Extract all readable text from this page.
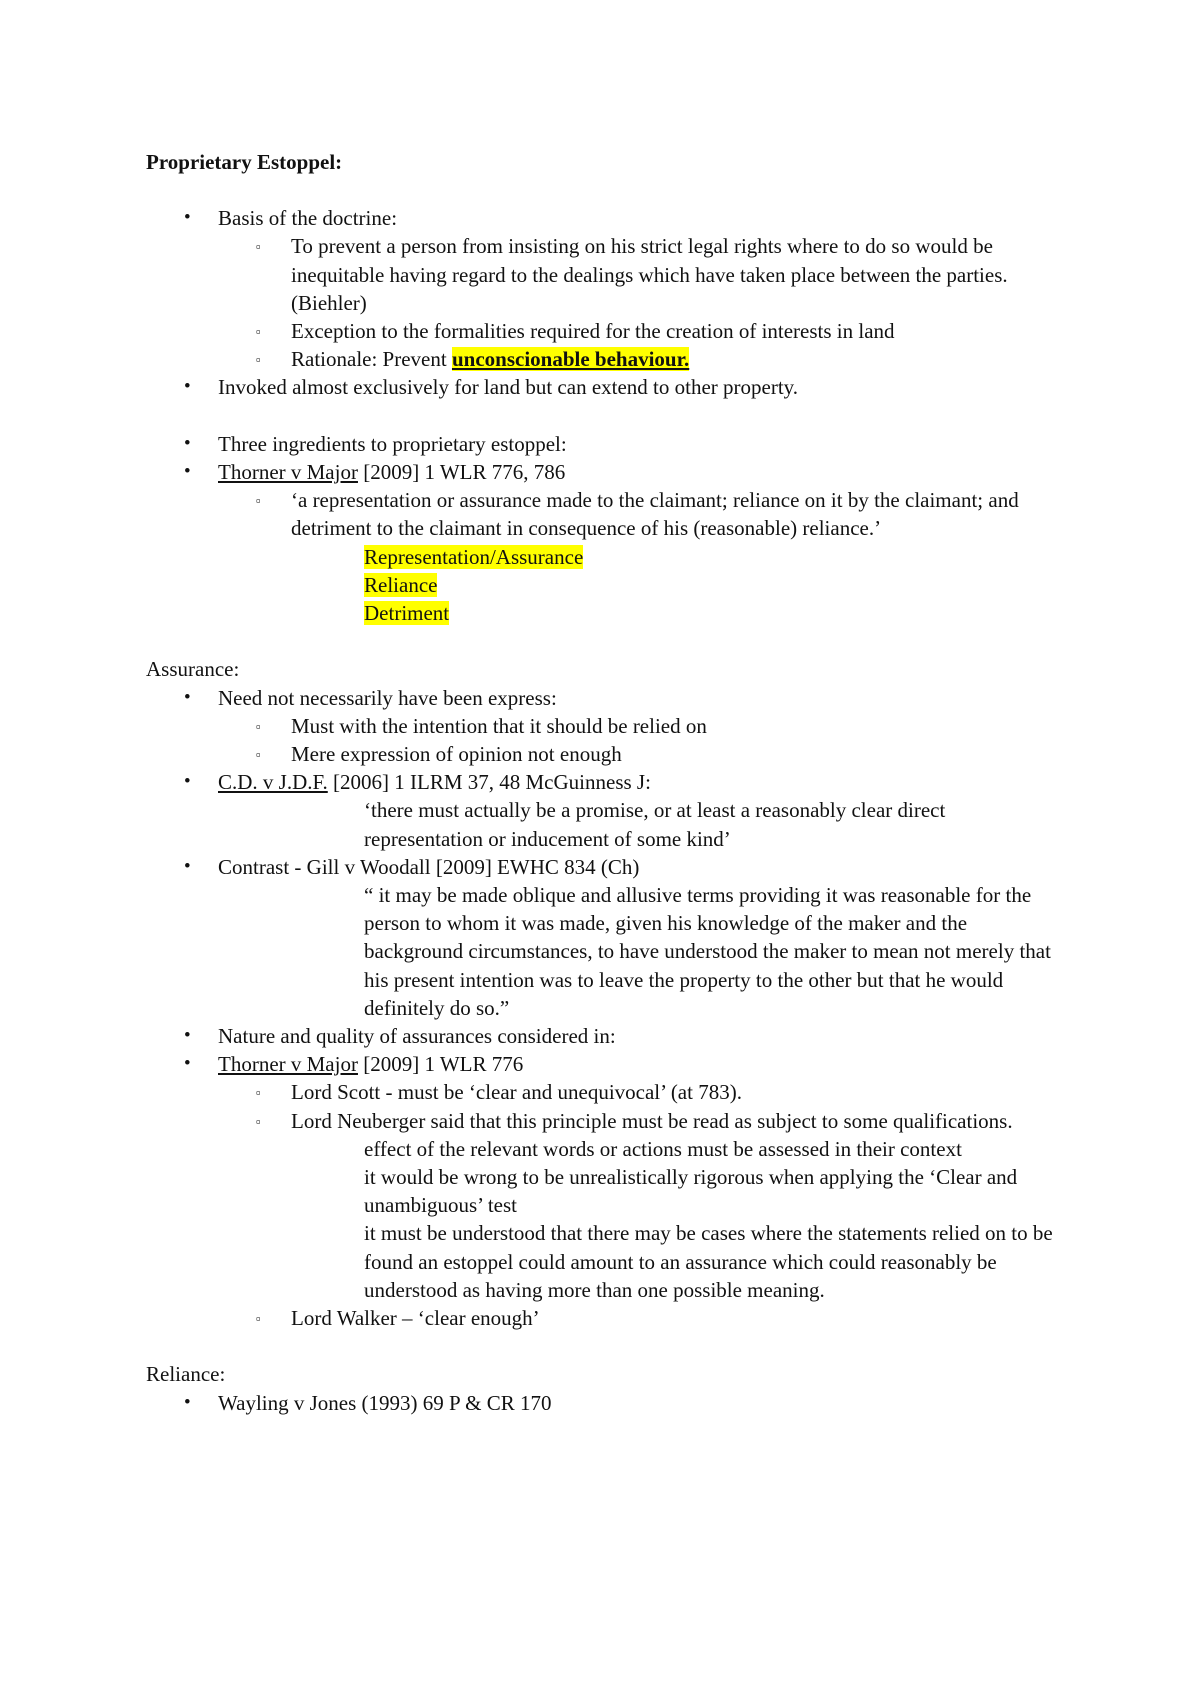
Proprietary Estoppel:
• Basis of the doctrine:
▫ To prevent a person from insisting on his strict legal rights where to do so would be inequitable having regard to the dealings which have taken place between the parties. (Biehler)
▫ Exception to the formalities required for the creation of interests in land
▫ Rationale: Prevent unconscionable behaviour.
• Invoked almost exclusively for land but can extend to other property.
• Three ingredients to proprietary estoppel:
• Thorner v Major [2009] 1 WLR 776, 786
▫ ‘a representation or assurance made to the claimant; reliance on it by the claimant; and detriment to the claimant in consequence of his (reasonable) reliance.’
Representation/Assurance
Reliance
Detriment
Assurance:
• Need not necessarily have been express:
▫ Must with the intention that it should be relied on
▫ Mere expression of opinion not enough
• C.D. v J.D.F. [2006] 1 ILRM 37, 48 McGuinness J:
‘there must actually be a promise, or at least a reasonably clear direct representation or inducement of some kind’
• Contrast - Gill v Woodall [2009] EWHC 834 (Ch)
“ it may be made oblique and allusive terms providing it was reasonable for the person to whom it was made, given his knowledge of the maker and the background circumstances, to have understood the maker to mean not merely that his present intention was to leave the property to the other but that he would definitely do so.”
• Nature and quality of assurances considered in:
• Thorner v Major [2009] 1 WLR 776
▫ Lord Scott - must be ‘clear and unequivocal’ (at 783).
▫ Lord Neuberger said that this principle must be read as subject to some qualifications.
effect of the relevant words or actions must be assessed in their context
it would be wrong to be unrealistically rigorous when applying the ‘Clear and unambiguous’ test
it must be understood that there may be cases where the statements relied on to be found an estoppel could amount to an assurance which could reasonably be understood as having more than one possible meaning.
▫ Lord Walker – ‘clear enough’
Reliance:
• Wayling v Jones (1993) 69 P & CR 170
